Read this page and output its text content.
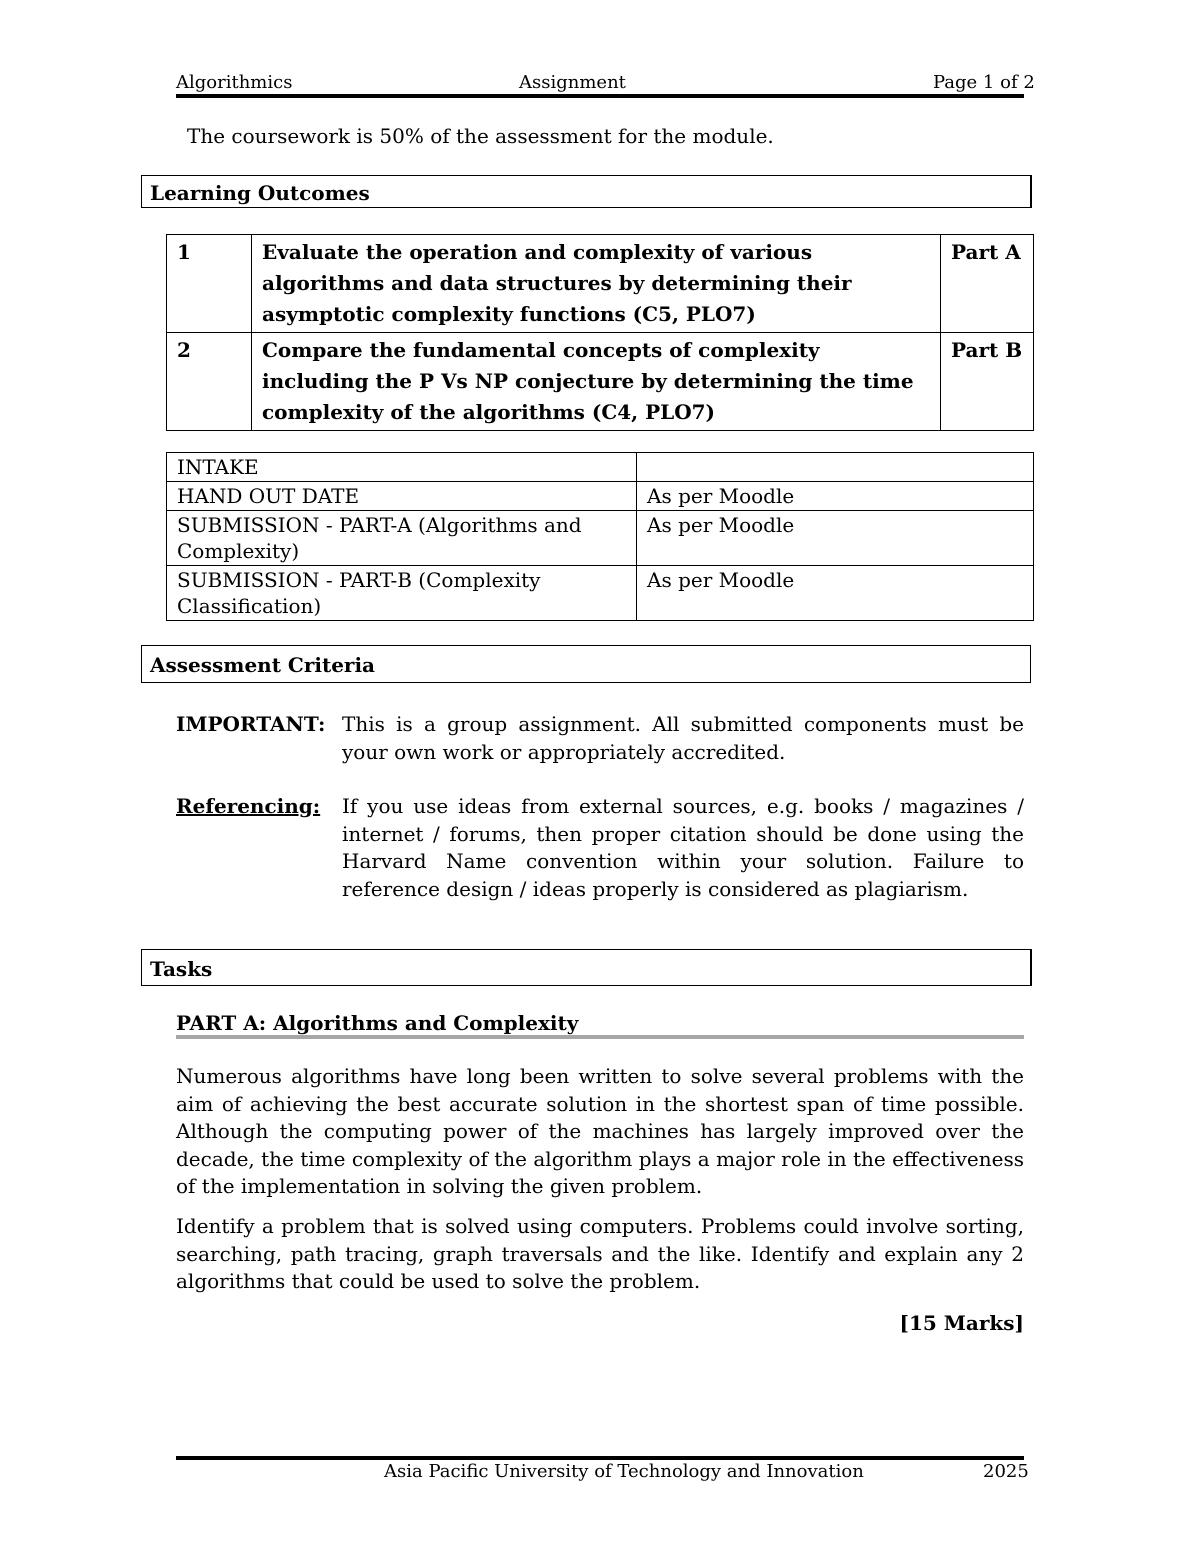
Algorithmics	Assignment	Page 1 of 2
The coursework is 50% of the assessment for the module.
Learning Outcomes
1	Evaluate the operation and complexity of various algorithms and data structures by determining their asymptotic complexity functions (C5, PLO7)	Part A
2	Compare the fundamental concepts of complexity including the P Vs NP conjecture by determining the time complexity of the algorithms (C4, PLO7)	Part B
INTAKE	
HAND OUT DATE	As per Moodle
SUBMISSION - PART-A (Algorithms and Complexity)	As per Moodle
SUBMISSION - PART-B (Complexity Classification)	As per Moodle
Assessment Criteria
IMPORTANT: This is a group assignment. All submitted components must be your own work or appropriately accredited.
Referencing: If you use ideas from external sources, e.g. books / magazines / internet / forums, then proper citation should be done using the Harvard Name convention within your solution. Failure to reference design / ideas properly is considered as plagiarism.
Tasks
PART A: Algorithms and Complexity
Numerous algorithms have long been written to solve several problems with the aim of achieving the best accurate solution in the shortest span of time possible. Although the computing power of the machines has largely improved over the decade, the time complexity of the algorithm plays a major role in the effectiveness of the implementation in solving the given problem.
Identify a problem that is solved using computers. Problems could involve sorting, searching, path tracing, graph traversals and the like. Identify and explain any 2 algorithms that could be used to solve the problem.
[15 Marks]
Asia Pacific University of Technology and Innovation	2025
